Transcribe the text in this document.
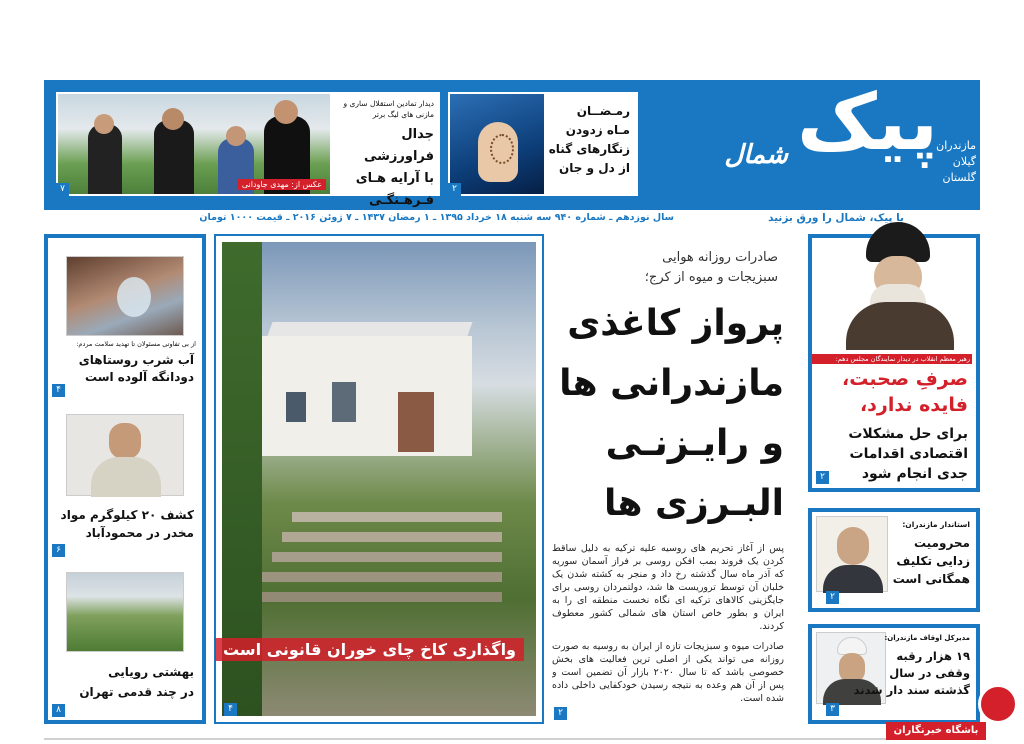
روزنامه
پیک
شمال	مازندران
گیلان
گلستان
رمـضــان
مـاه زدودن
زنگارهای گناه
از دل و جان
۲
عکس از: مهدی جاودانی
دیدار تمادین استقلال ساری و
مازنی های لیگ برتر
جدال فراورزشی
با آرایه هـای
فـرهـنگـی
۷
با پیک، شمال را ورق بزنید
سال نوزدهم ـ شماره ۹۴۰ سه شنبه ۱۸ خرداد ۱۳۹۵ ـ ۱ رمضان ۱۴۳۷ ـ ۷ ژوئن ۲۰۱۶ ـ قیمت ۱۰۰۰ تومان
رهبر معظم انقلاب در دیدار نمایندگان مجلس دهم:
صرفِ صحبت،
فایده ندارد،
برای حل مشکلات
اقتصادی اقدامات
جدی انجام شود
۲
استاندار مازندران:
محرومیت
زدایی تکلیف
همگانی است
۲
مدیرکل اوقاف مازندران:
۱۹ هزار رقبه
وقفی در سال
گذشته سند دار شدند
۳
صادرات روزانه هوایی
سبزیجات و میوه از کرج؛
پرواز کاغذی
مازندرانی ها
و رایـزنـی
البـرزی ها
پس از آغاز تحریم های روسیه علیه ترکیه به دلیل ساقط کردن یک فروند بمب افکن روسی بر فراز آسمان سوریه که آذر ماه سال گذشته رخ داد و منجر به کشته شدن یک خلبان آن توسط تروریست ها شد، دولتمردان روسی برای جایگزینی کالاهای ترکیه ای نگاه نخست منطقه ای را به ایران و بطور خاص استان های شمالی کشور معطوف کردند.
صادرات میوه و سبزیجات تازه از ایران به روسیه به صورت روزانه می تواند یکی از اصلی ترین فعالیت های بخش خصوصی باشد که تا سال ۲۰۲۰ بازار آن تضمین است و پس از آن هم وعده به نتیجه رسیدن خودکفایی داخلی داده شده است.
۲
واگذاری کاخ چای خوران قانونی است
۴
از بی تفاوتی مسئولان تا تهدید سلامت مردم:
آب شرب روستاهای
دودانگه آلوده است
۴
کشف ۲۰ کیلوگرم مواد
مخدر در محمودآباد
۶
بهشتی رویایی
در چند قدمی تهران
۸
باشگاه خبرنگاران
